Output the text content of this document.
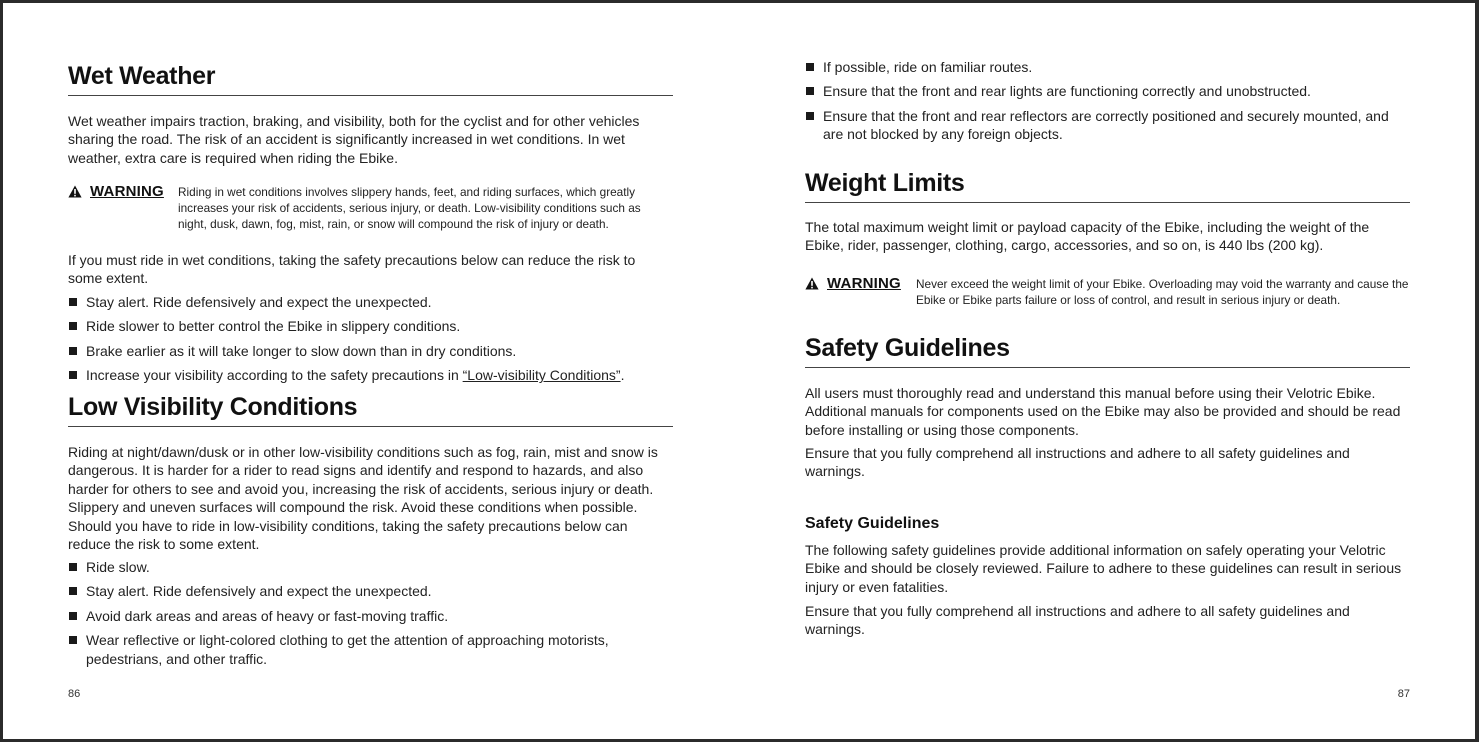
Wet Weather

Wet weather impairs traction, braking, and visibility, both for the cyclist and for other vehicles sharing the road. The risk of an accident is significantly increased in wet conditions. In wet weather, extra care is required when riding the Ebike.

WARNING Riding in wet conditions involves slippery hands, feet, and riding surfaces, which greatly increases your risk of accidents, serious injury, or death. Low-visibility conditions such as night, dusk, dawn, fog, mist, rain, or snow will compound the risk of injury or death.

If you must ride in wet conditions, taking the safety precautions below can reduce the risk to some extent.

Stay alert. Ride defensively and expect the unexpected.
Ride slower to better control the Ebike in slippery conditions.
Brake earlier as it will take longer to slow down than in dry conditions.
Increase your visibility according to the safety precautions in “Low-visibility Conditions”.
Low Visibility Conditions

Riding at night/dawn/dusk or in other low-visibility conditions such as fog, rain, mist and snow is dangerous. It is harder for a rider to read signs and identify and respond to hazards, and also harder for others to see and avoid you, increasing the risk of accidents, serious injury or death. Slippery and uneven surfaces will compound the risk. Avoid these conditions when possible. Should you have to ride in low-visibility conditions, taking the safety precautions below can reduce the risk to some extent.

Ride slow.
Stay alert. Ride defensively and expect the unexpected.
Avoid dark areas and areas of heavy or fast-moving traffic.
Wear reflective or light-colored clothing to get the attention of approaching motorists, pedestrians, and other traffic.
86
If possible, ride on familiar routes.
Ensure that the front and rear lights are functioning correctly and unobstructed.
Ensure that the front and rear reflectors are correctly positioned and securely mounted, and are not blocked by any foreign objects.
Weight Limits

The total maximum weight limit or payload capacity of the Ebike, including the weight of the Ebike, rider, passenger, clothing, cargo, accessories, and so on, is 440 lbs (200 kg).

WARNING Never exceed the weight limit of your Ebike. Overloading may void the warranty and cause the Ebike or Ebike parts failure or loss of control, and result in serious injury or death.
Safety Guidelines

All users must thoroughly read and understand this manual before using their Velotric Ebike. Additional manuals for components used on the Ebike may also be provided and should be read before installing or using those components.

Ensure that you fully comprehend all instructions and adhere to all safety guidelines and warnings.

Safety Guidelines

The following safety guidelines provide additional information on safely operating your Velotric Ebike and should be closely reviewed. Failure to adhere to these guidelines can result in serious injury or even fatalities.

Ensure that you fully comprehend all instructions and adhere to all safety guidelines and warnings.

87
